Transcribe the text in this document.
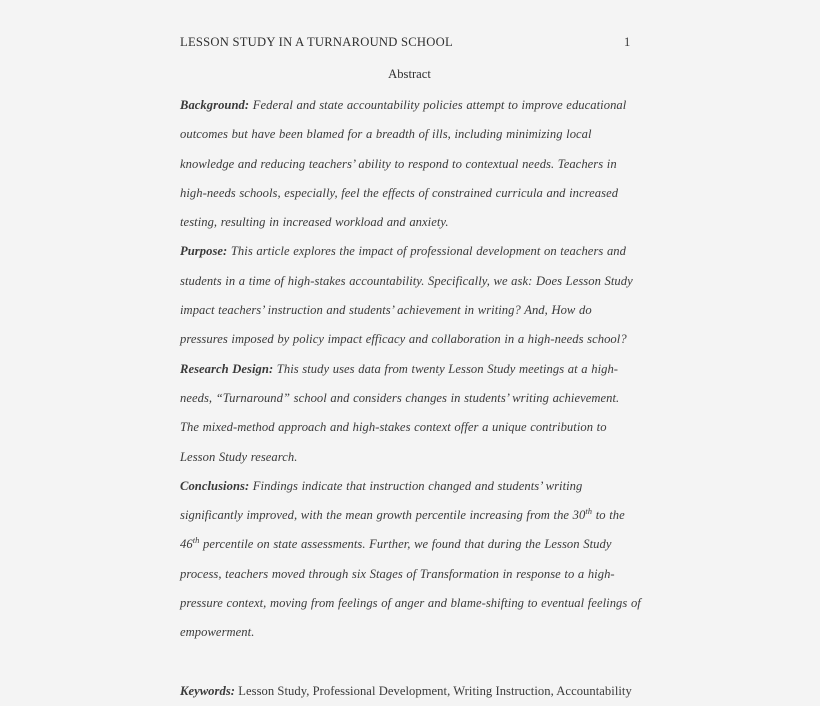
LESSON STUDY IN A TURNAROUND SCHOOL	1
Abstract

Background: Federal and state accountability policies attempt to improve educational outcomes but have been blamed for a breadth of ills, including minimizing local knowledge and reducing teachers’ ability to respond to contextual needs. Teachers in high-needs schools, especially, feel the effects of constrained curricula and increased testing, resulting in increased workload and anxiety.

Purpose: This article explores the impact of professional development on teachers and students in a time of high-stakes accountability. Specifically, we ask: Does Lesson Study impact teachers’ instruction and students’ achievement in writing? And, How do pressures imposed by policy impact efficacy and collaboration in a high-needs school?

Research Design: This study uses data from twenty Lesson Study meetings at a high-needs, “Turnaround” school and considers changes in students’ writing achievement. The mixed-method approach and high-stakes context offer a unique contribution to Lesson Study research.

Conclusions: Findings indicate that instruction changed and students’ writing significantly improved, with the mean growth percentile increasing from the 30th to the 46th percentile on state assessments. Further, we found that during the Lesson Study process, teachers moved through six Stages of Transformation in response to a high-pressure context, moving from feelings of anger and blame-shifting to eventual feelings of empowerment.

Keywords: Lesson Study, Professional Development, Writing Instruction, Accountability
